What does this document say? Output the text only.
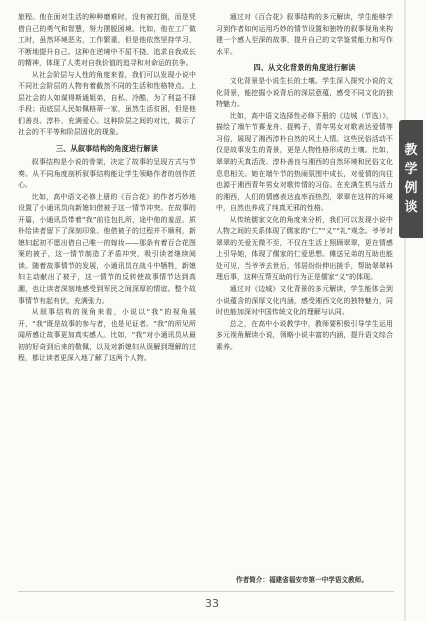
旅程。他在面对生活的种种磨难时，没有被打倒，而是凭借自己的勇气和智慧，努力摆脱困境。比如，他在工厂做工时，虽然环境恶劣，工作繁重，但是他依然坚持学习，不断地提升自己。这种在逆境中不屈不挠、追求自我成长的精神，体现了人类对自我价值的追寻和对命运的抗争。

从社会阶层与人性的角度来看，我们可以发现小说中不同社会阶层的人物有着截然不同的生活和性格特点。上层社会的人如谋得斯通姐弟，自私、冷酷，为了利益不择手段；而底层人民如佩格蒂一家，虽然生活贫困，但是他们善良、淳朴、充满爱心。这种阶层之间的对比，揭示了社会的不平等和阶层固化的现象。

三、从叙事结构的角度进行解读

叙事结构是小说的骨架，决定了故事的呈现方式与节奏。从不同角度剖析叙事结构能让学生领略作者的创作匠心。

比如，高中语文必修上册的《百合花》的作者巧妙地设置了小通讯员向新媳妇借被子这一情节冲突。在故事的开篇，小通讯员带着“我”前往包扎所，途中他的羞涩、质朴给读者留下了深刻印象。他借被子的过程并不顺利，新媳妇起初不愿出借自己唯一的嫁妆——那条有着百合花图案的被子，这一情节制造了矛盾冲突，吸引读者继续阅读。随着故事情节的发展，小通讯员在战斗中牺牲，新媳妇主动献出了被子，这一情节的反转使故事情节达到高潮，也让读者深刻地感受到军民之间深厚的情谊。整个故事情节有起有伏，充满张力。

从叙事结构的视角来看，小说以“我”的视角展开，“我”既是故事的参与者，也是见证者。“我”的所见所闻所感让故事更加真实感人。比如，“我”对小通讯员从最初的好奇到后来的敬佩，以及对新媳妇从误解到理解的过程，都让读者更深入地了解了这两个人物。

通过对《百合花》叙事结构的多元解读，学生能够学习到作者如何运用巧妙的情节设置和独特的叙事视角来构建一个感人至深的故事，提升自己的文学鉴赏能力和写作水平。

四、从文化背景的角度进行解读

文化背景是小说生长的土壤。学生深入探究小说的文化背景，能挖掘小说背后的深层意蕴，感受不同文化的独特魅力。

比如，高中语文选择性必修下册的《边城（节选）》，描绘了端午节赛龙舟、捉鸭子，青年男女对歌表达爱情等习俗，展现了湘西淳朴自然的风土人情。这些民俗活动不仅是故事发生的背景，更是人物性格形成的土壤。比如，翠翠的天真活泼、淳朴善良与湘西的自然环境和民俗文化息息相关。她在端午节的热闹氛围中成长，对爱情的向往也源于湘西青年男女对歌传情的习俗。在充满生机与活力的湘西，人们的情感表达直率而热烈，翠翠在这样的环境中，自然也养成了纯真无邪的性格。

从传统儒家文化的角度来分析，我们可以发现小说中人物之间的关系体现了儒家的“仁”“义”“礼”观念。爷爷对翠翠的关爱无微不至，不仅在生活上照顾翠翠，更在情感上引导她，体现了儒家的仁爱思想。傩送兄弟的互助也能处可见，当爷爷去世后，邻居纷纷伸出援手，帮助翠翠料理后事，这种互帮互助的行为正是儒家“义”的体现。

通过对《边城》文化背景的多元解读，学生能体会到小说蕴含的深厚文化内涵，感受湘西文化的独特魅力，同时也能加深对中国传统文化的理解与认同。

总之，在高中小说教学中，教师要积极引导学生运用多元视角解读小说，领略小说丰富的内涵，提升语文综合素养。

作者简介：福建省福安市第一中学语文教师。
教
学
例
谈
33
